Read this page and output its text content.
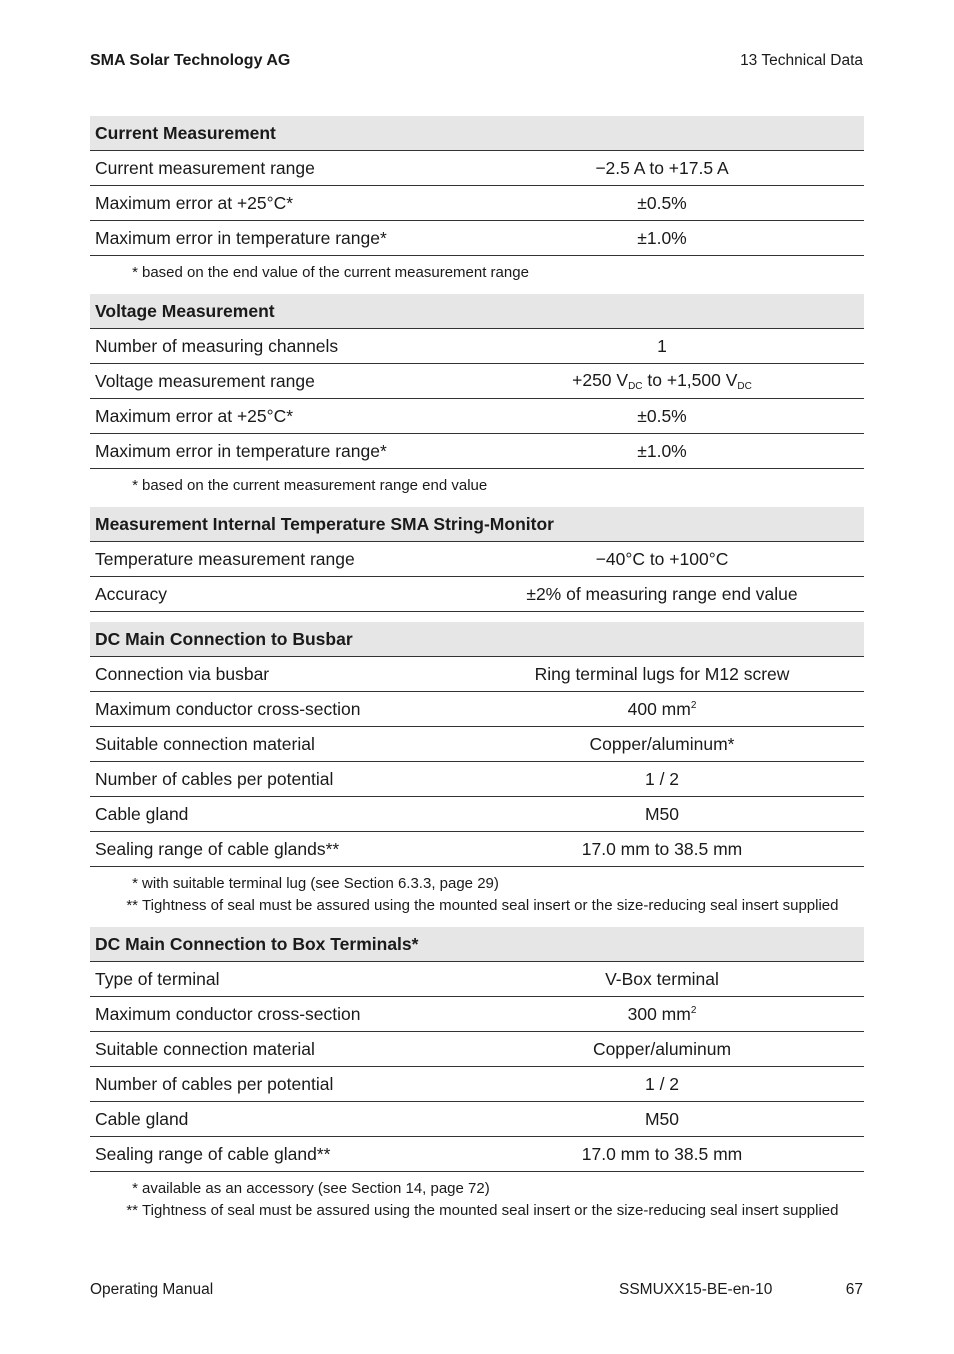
SMA Solar Technology AG	13 Technical Data
Current Measurement
Current measurement range	−2.5 A to +17.5 A
Maximum error at +25°C*	±0.5%
Maximum error in temperature range*	±1.0%
* based on the end value of the current measurement range
Voltage Measurement
Number of measuring channels	1
Voltage measurement range	+250 $V_{DC}$ to +1,500 $V_{DC}$
Maximum error at +25°C*	±0.5%
Maximum error in temperature range*	±1.0%
* based on the current measurement range end value
Measurement Internal Temperature SMA String-Monitor
Temperature measurement range	−40°C to +100°C
Accuracy	±2% of measuring range end value
DC Main Connection to Busbar
Connection via busbar	Ring terminal lugs for M12 screw
Maximum conductor cross-section	400 $mm^2$
Suitable connection material	Copper/aluminum*
Number of cables per potential	1 / 2
Cable gland	M50
Sealing range of cable glands**	17.0 mm to 38.5 mm
* with suitable terminal lug (see Section 6.3.3, page 29)
** Tightness of seal must be assured using the mounted seal insert or the size-reducing seal insert supplied
DC Main Connection to Box Terminals*
Type of terminal	V-Box terminal
Maximum conductor cross-section	300 $mm^2$
Suitable connection material	Copper/aluminum
Number of cables per potential	1 / 2
Cable gland	M50
Sealing range of cable gland**	17.0 mm to 38.5 mm
* available as an accessory (see Section 14, page 72)
** Tightness of seal must be assured using the mounted seal insert or the size-reducing seal insert supplied
Operating Manual	SSMUXX15-BE-en-10	67
